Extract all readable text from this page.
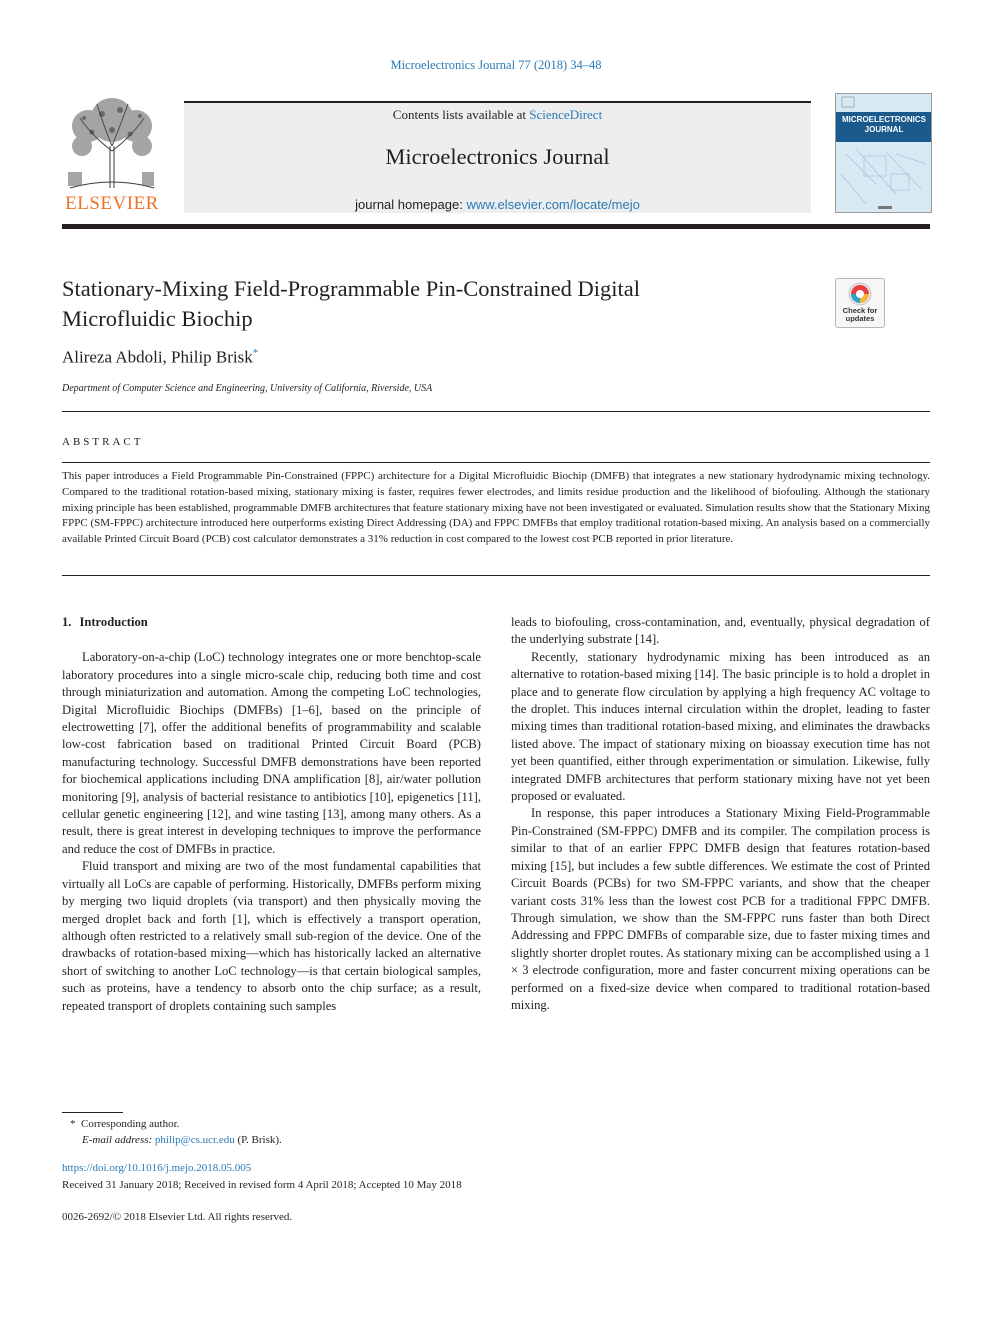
Microelectronics Journal 77 (2018) 34–48
ELSEVIER
Contents lists available at ScienceDirect
Microelectronics Journal
journal homepage: www.elsevier.com/locate/mejo
MICROELECTRONICS JOURNAL
Stationary-Mixing Field-Programmable Pin-Constrained Digital
Microfluidic Biochip	Check for updates
Alireza Abdoli, Philip Brisk*
Department of Computer Science and Engineering, University of California, Riverside, USA
ABSTRACT
This paper introduces a Field Programmable Pin-Constrained (FPPC) architecture for a Digital Microfluidic Biochip (DMFB) that integrates a new stationary hydrodynamic mixing technology. Compared to the traditional rotation-based mixing, stationary mixing is faster, requires fewer electrodes, and limits residue production and the likelihood of biofouling. Although the stationary mixing principle has been established, programmable DMFB architectures that feature stationary mixing have not been investigated or evaluated. Simulation results show that the Stationary Mixing FPPC (SM-FPPC) architecture introduced here outperforms existing Direct Addressing (DA) and FPPC DMFBs that employ traditional rotation-based mixing. An analysis based on a commercially available Printed Circuit Board (PCB) cost calculator demonstrates a 31% reduction in cost compared to the lowest cost PCB reported in prior literature.

1. Introduction

Laboratory-on-a-chip (LoC) technology integrates one or more benchtop-scale laboratory procedures into a single micro-scale chip, reducing both time and cost through miniaturization and automation. Among the competing LoC technologies, Digital Microfluidic Biochips (DMFBs) [1–6], based on the principle of electrowetting [7], offer the additional benefits of programmability and scalable low-cost fabrication based on traditional Printed Circuit Board (PCB) manufacturing technology. Successful DMFB demonstrations have been reported for biochemical applications including DNA amplification [8], air/water pollution monitoring [9], analysis of bacterial resistance to antibiotics [10], epigenetics [11], cellular genetic engineering [12], and wine tasting [13], among many others. As a result, there is great interest in developing techniques to improve the performance and reduce the cost of DMFBs in practice.

Fluid transport and mixing are two of the most fundamental capabilities that virtually all LoCs are capable of performing. Historically, DMFBs perform mixing by merging two liquid droplets (via transport) and then physically moving the merged droplet back and forth [1], which is effectively a transport operation, although often restricted to a relatively small sub-region of the device. One of the drawbacks of rotation-based mixing—which has historically lacked an alternative short of switching to another LoC technology—is that certain biological samples, such as proteins, have a tendency to absorb onto the chip surface; as a result, repeated transport of droplets containing such samples

leads to biofouling, cross-contamination, and, eventually, physical degradation of the underlying substrate [14].

Recently, stationary hydrodynamic mixing has been introduced as an alternative to rotation-based mixing [14]. The basic principle is to hold a droplet in place and to generate flow circulation by applying a high frequency AC voltage to the droplet. This induces internal circulation within the droplet, leading to faster mixing times than traditional rotation-based mixing, and eliminates the drawbacks listed above. The impact of stationary mixing on bioassay execution time has not yet been quantified, either through experimentation or simulation. Likewise, fully integrated DMFB architectures that perform stationary mixing have not yet been proposed or evaluated.

In response, this paper introduces a Stationary Mixing Field-Programmable Pin-Constrained (SM-FPPC) DMFB and its compiler. The compilation process is similar to that of an earlier FPPC DMFB design that features rotation-based mixing [15], but includes a few subtle differences. We estimate the cost of Printed Circuit Boards (PCBs) for two SM-FPPC variants, and show that the cheaper variant costs 31% less than the lowest cost PCB for a traditional FPPC DMFB. Through simulation, we show than the SM-FPPC runs faster than both Direct Addressing and FPPC DMFBs of comparable size, due to faster mixing times and slightly shorter droplet routes. As stationary mixing can be accomplished using a 1 × 3 electrode configuration, more and faster concurrent mixing operations can be performed on a fixed-size device when compared to traditional rotation-based mixing.

* Corresponding author.
E-mail address: philip@cs.ucr.edu (P. Brisk).
https://doi.org/10.1016/j.mejo.2018.05.005
Received 31 January 2018; Received in revised form 4 April 2018; Accepted 10 May 2018
0026-2692/© 2018 Elsevier Ltd. All rights reserved.
